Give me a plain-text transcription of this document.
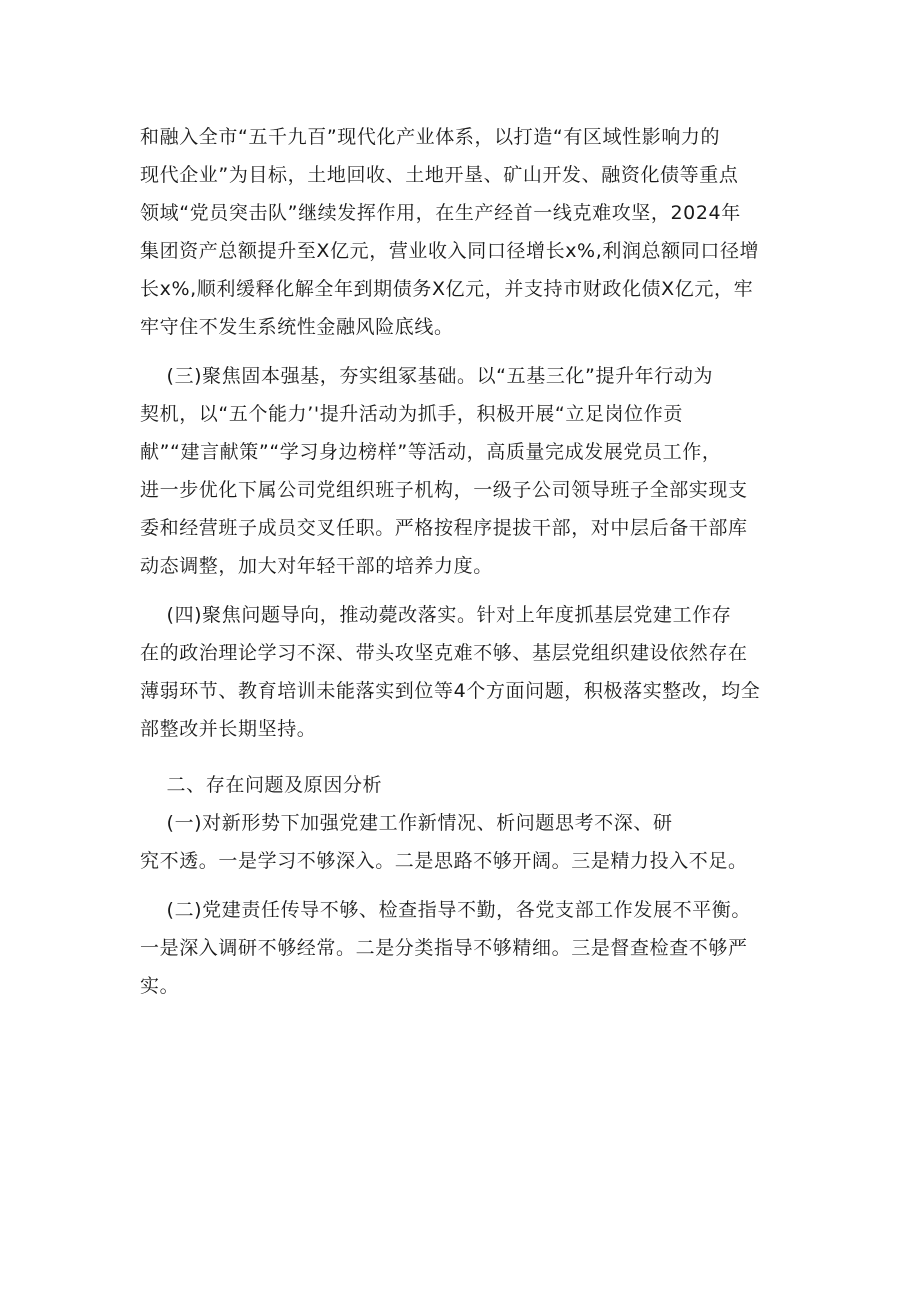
和融入全市“五千九百”现代化产业体系，以打造“有区域性影响力的
现代企业”为目标，土地回收、土地开垦、矿山开发、融资化债等重点
领域“党员突击队”继续发挥作用，在生产经首一线克难攻坚，2024年
集团资产总额提升至X亿元，营业收入同口径增长x%,利润总额同口径增
长x%,顺利缓释化解全年到期债务X亿元，并支持市财政化债X亿元，牢
牢守住不发生系统性金融风险底线。
(三)聚焦固本强基，夯实组冢基础。以“五基三化”提升年行动为
契机，以“五个能力’'提升活动为抓手，积极开展“立足岗位作贡
献”“建言献策”“学习身边榜样”等活动，高质量完成发展党员工作，
进一步优化下属公司党组织班子机构，一级子公司领导班子全部实现支
委和经营班子成员交叉任职。严格按程序提拔干部，对中层后备干部库
动态调整，加大对年轻干部的培养力度。
(四)聚焦问题导向，推动薨改落实。针对上年度抓基层党建工作存
在的政治理论学习不深、带头攻坚克难不够、基层党组织建设依然存在
薄弱环节、教育培训未能落实到位等4个方面问题，积极落实整改，均全
部整改并长期坚持。
二、存在问题及原因分析
(一)对新形势下加强党建工作新情况、析问题思考不深、研
究不透。一是学习不够深入。二是思路不够开阔。三是精力投入不足。
(二)党建责任传导不够、检查指导不勤，各党支部工作发展不平衡。
一是深入调研不够经常。二是分类指导不够精细。三是督查检查不够严
实。
